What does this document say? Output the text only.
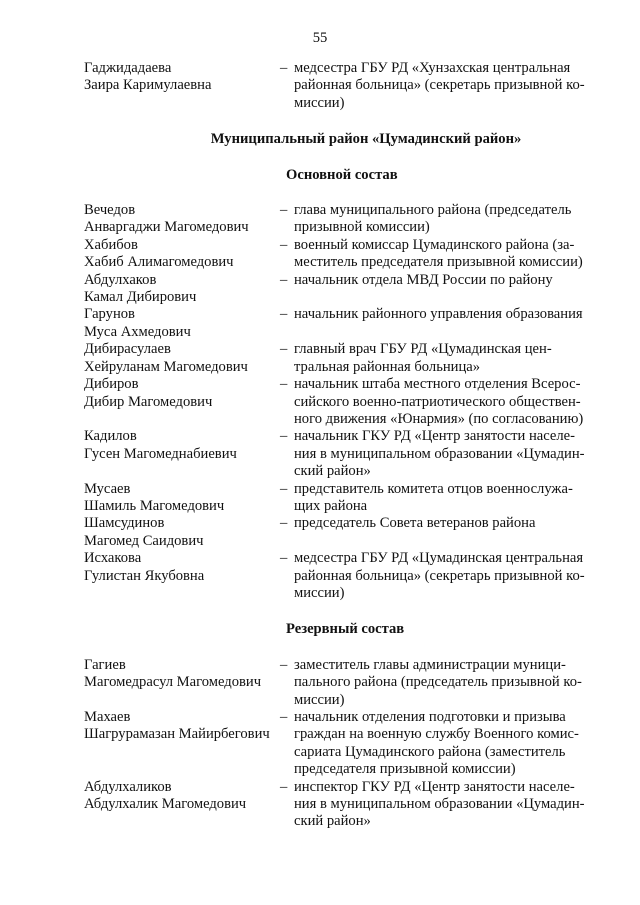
55
Гаджидадаева
Заира Каримулаевна
– медсестра ГБУ РД «Хунзахская центральная
районная больница» (секретарь призывной ко-
миссии)
Муниципальный район «Цумадинский район»
Основной состав
Вечедов
Анваргаджи Магомедович
– глава муниципального района (председатель
призывной комиссии)
Хабибов
Хабиб Алимагомедович
– военный комиссар Цумадинского района (за-
меститель председателя призывной комиссии)
Абдулхаков
Камал Дибирович
– начальник отдела МВД России по району
Гарунов
Муса Ахмедович
– начальник районного управления образования
Дибирасулаев
Хейруланам Магомедович
– главный врач ГБУ РД «Цумадинская цен-
тральная районная больница»
Дибиров
Дибир Магомедович
– начальник штаба местного отделения Всерос-
сийского военно-патриотического обществен-
ного движения «Юнармия» (по согласованию)
Кадилов
Гусен Магомеднабиевич
– начальник ГКУ РД «Центр занятости населе-
ния в муниципальном образовании «Цумадин-
ский район»
Мусаев
Шамиль Магомедович
– представитель комитета отцов военнослужа-
щих района
Шамсудинов
Магомед Саидович
– председатель Совета ветеранов района
Исхакова
Гулистан Якубовна
– медсестра ГБУ РД «Цумадинская центральная
районная больница» (секретарь призывной ко-
миссии)
Резервный состав
Гагиев
Магомедрасул Магомедович
– заместитель главы администрации муници-
пального района (председатель призывной ко-
миссии)
Махаев
Шагрурамазан Майирбегович
– начальник отделения подготовки и призыва
граждан на военную службу Военного комис-
сариата Цумадинского района (заместитель
председателя призывной комиссии)
Абдулхаликов
Абдулхалик Магомедович
– инспектор ГКУ РД «Центр занятости населе-
ния в муниципальном образовании «Цумадин-
ский район»
